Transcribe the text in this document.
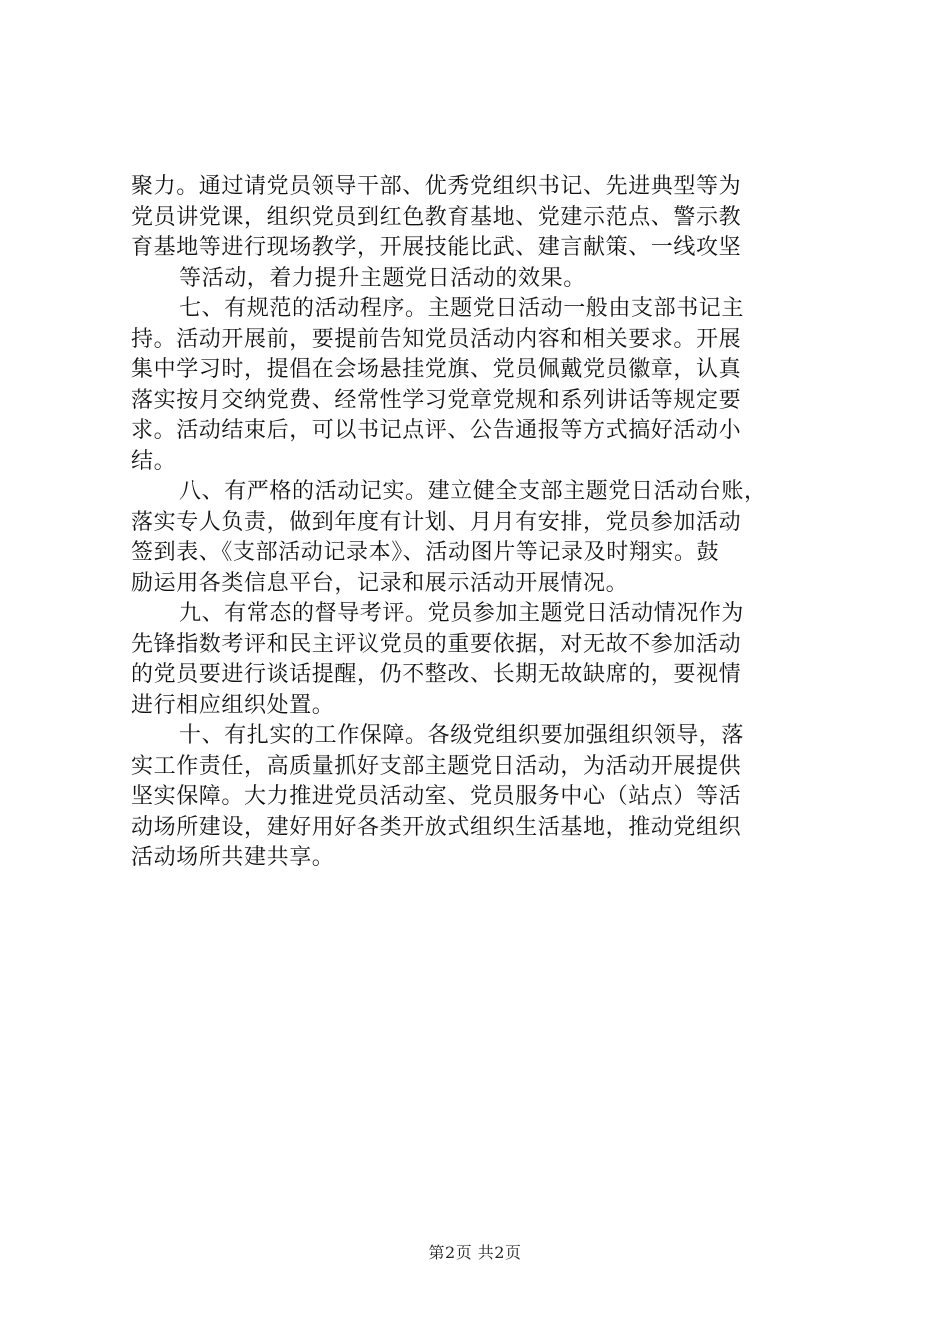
聚力。通过请党员领导干部、优秀党组织书记、先进典型等为
党员讲党课，组织党员到红色教育基地、党建示范点、警示教
育基地等进行现场教学，开展技能比武、建言献策、一线攻坚
等活动，着力提升主题党日活动的效果。
七、有规范的活动程序。主题党日活动一般由支部书记主
持。活动开展前，要提前告知党员活动内容和相关要求。开展
集中学习时，提倡在会场悬挂党旗、党员佩戴党员徽章，认真
落实按月交纳党费、经常性学习党章党规和系列讲话等规定要
求。活动结束后，可以书记点评、公告通报等方式搞好活动小
结。
八、有严格的活动记实。建立健全支部主题党日活动台账，
落实专人负责，做到年度有计划、月月有安排，党员参加活动
签到表、《支部活动记录本》、活动图片等记录及时翔实。鼓
励运用各类信息平台，记录和展示活动开展情况。
九、有常态的督导考评。党员参加主题党日活动情况作为
先锋指数考评和民主评议党员的重要依据，对无故不参加活动
的党员要进行谈话提醒，仍不整改、长期无故缺席的，要视情
进行相应组织处置。
十、有扎实的工作保障。各级党组织要加强组织领导，落
实工作责任，高质量抓好支部主题党日活动，为活动开展提供
坚实保障。大力推进党员活动室、党员服务中心（站点）等活
动场所建设，建好用好各类开放式组织生活基地，推动党组织
活动场所共建共享。
第2页 共2页
